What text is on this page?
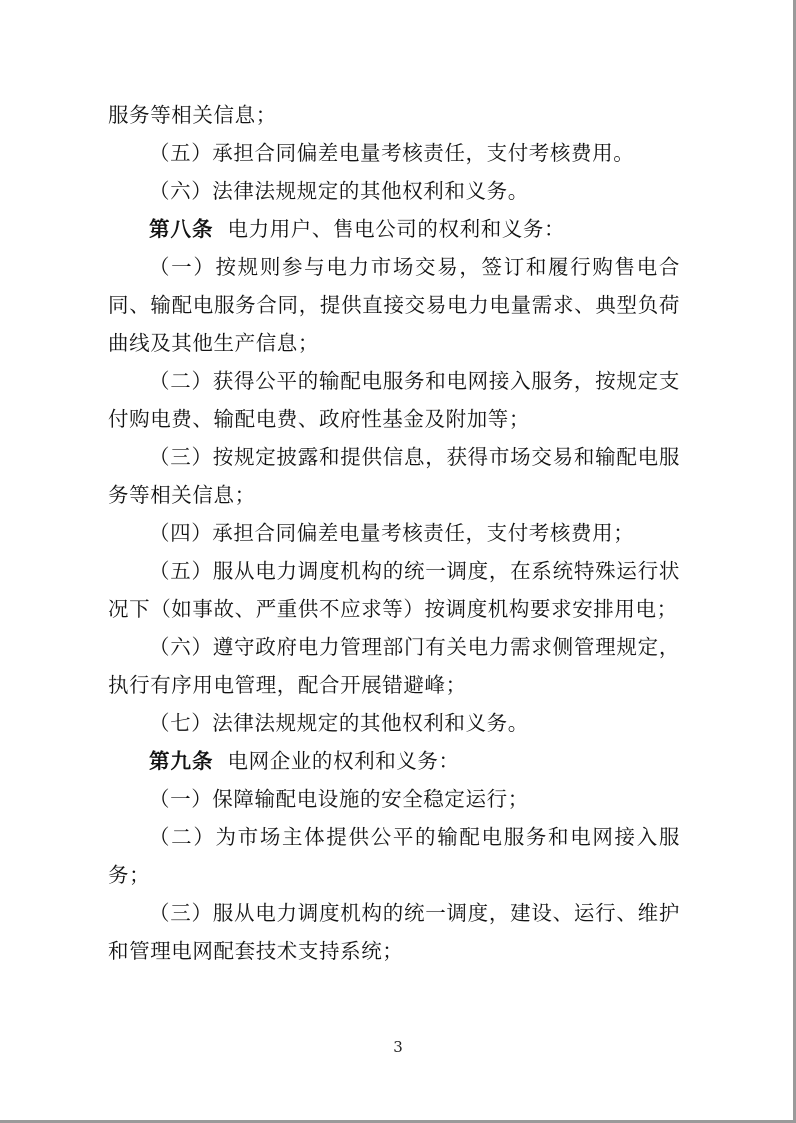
服务等相关信息；

（五）承担合同偏差电量考核责任，支付考核费用。

（六）法律法规规定的其他权利和义务。

第八条 电力用户、售电公司的权利和义务：

（一）按规则参与电力市场交易，签订和履行购售电合同、输配电服务合同，提供直接交易电力电量需求、典型负荷曲线及其他生产信息；

（二）获得公平的输配电服务和电网接入服务，按规定支付购电费、输配电费、政府性基金及附加等；

（三）按规定披露和提供信息，获得市场交易和输配电服务等相关信息；

（四）承担合同偏差电量考核责任，支付考核费用；

（五）服从电力调度机构的统一调度，在系统特殊运行状况下（如事故、严重供不应求等）按调度机构要求安排用电；

（六）遵守政府电力管理部门有关电力需求侧管理规定，执行有序用电管理，配合开展错避峰；

（七）法律法规规定的其他权利和义务。

第九条 电网企业的权利和义务：

（一）保障输配电设施的安全稳定运行；

（二）为市场主体提供公平的输配电服务和电网接入服务；

（三）服从电力调度机构的统一调度，建设、运行、维护和管理电网配套技术支持系统；

3
